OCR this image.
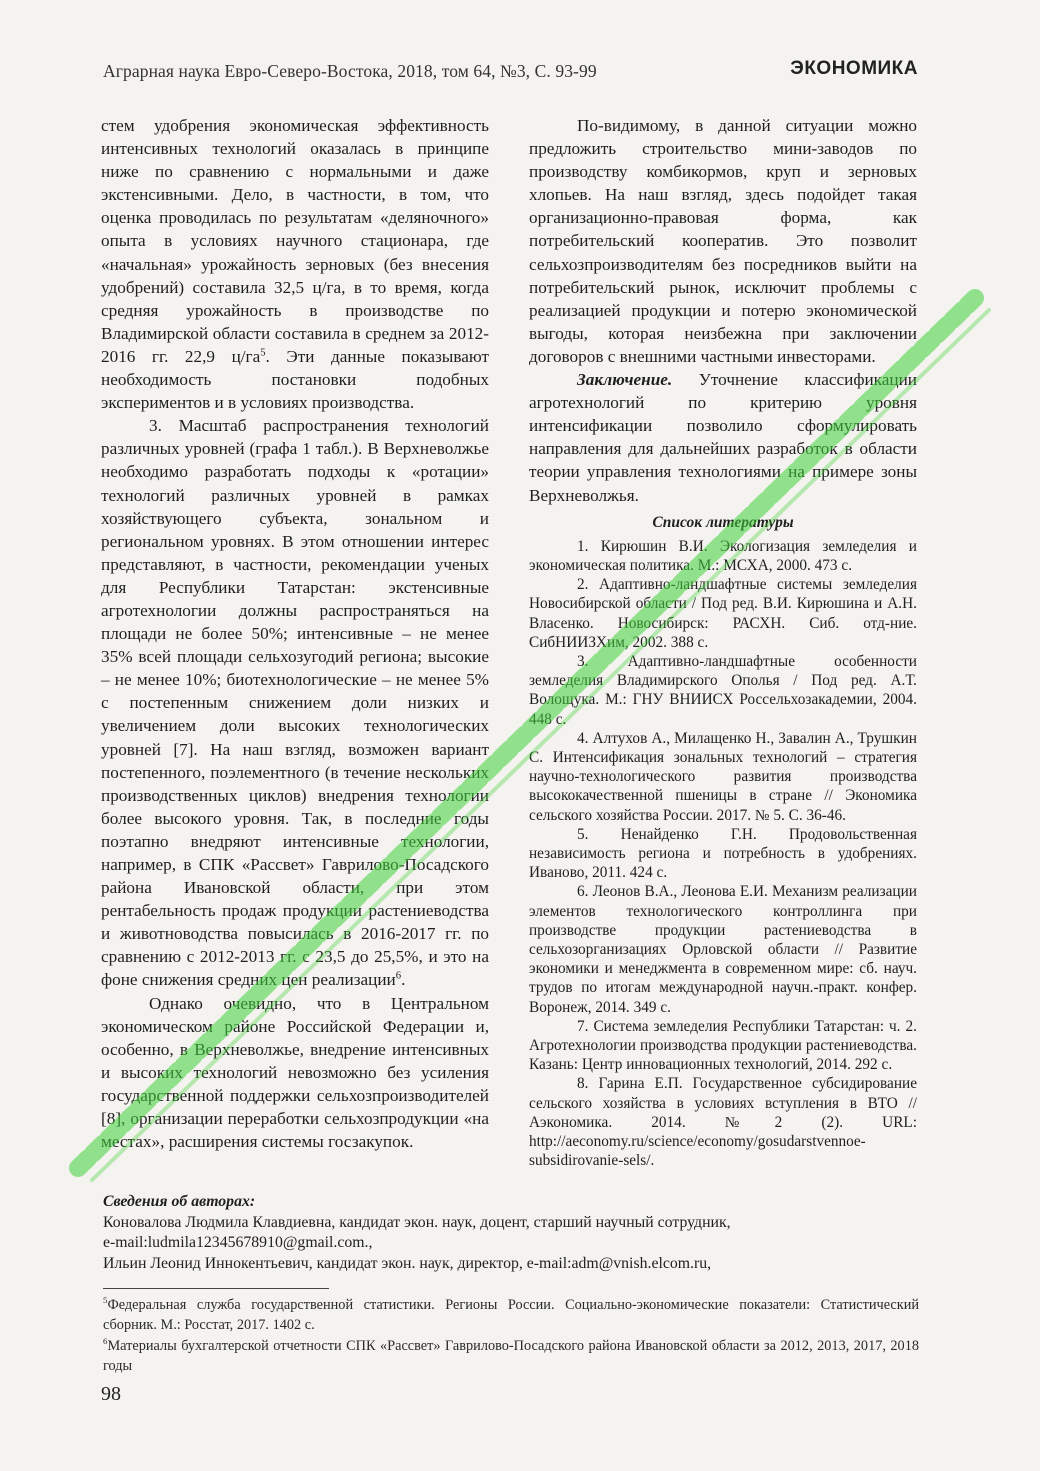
Аграрная наука Евро-Северо-Востока, 2018, том 64, №3, С. 93-99	ЭКОНОМИКА

стем удобрения экономическая эффективность интенсивных технологий оказалась в принципе ниже по сравнению с нормальными и даже экстенсивными. Дело, в частности, в том, что оценка проводилась по результатам «деляночного» опыта в условиях научного стационара, где «начальная» урожайность зерновых (без внесения удобрений) составила 32,5 ц/га, в то время, когда средняя урожайность в производстве по Владимирской области составила в среднем за 2012-2016 гг. 22,9 $ц/га^5$. Эти данные показывают необходимость постановки подобных экспериментов и в условиях производства.

3. Масштаб распространения технологий различных уровней (графа 1 табл.). В Верхневолжье необходимо разработать подходы к «ротации» технологий различных уровней в рамках хозяйствующего субъекта, зональном и региональном уровнях. В этом отношении интерес представляют, в частности, рекомендации ученых для Республики Татарстан: экстенсивные агротехнологии должны распространяться на площади не более 50%; интенсивные – не менее 35% всей площади сельхозугодий региона; высокие – не менее 10%; биотехнологические – не менее 5% с постепенным снижением доли низких и увеличением доли высоких технологических уровней [7]. На наш взгляд, возможен вариант постепенного, поэлементного (в течение нескольких производственных циклов) внедрения технологии более высокого уровня. Так, в последние годы поэтапно внедряют интенсивные технологии, например, в СПК «Рассвет» Гаврилово-Посадского района Ивановской области, при этом рентабельность продаж продукции растениеводства и животноводства повысилась в 2016-2017 гг. по сравнению с 2012-2013 гг. с 23,5 до 25,5%, и это на фоне снижения средних цен реализации$^6$.

Однако очевидно, что в Центральном экономическом районе Российской Федерации и, особенно, в Верхневолжье, внедрение интенсивных и высоких технологий невозможно без усиления государственной поддержки сельхозпроизводителей [8], организации переработки сельхозпродукции «на местах», расширения системы госзакупок.

По-видимому, в данной ситуации можно предложить строительство мини-заводов по производству комбикормов, круп и зерновых хлопьев. На наш взгляд, здесь подойдет такая организационно-правовая форма, как потребительский кооператив. Это позволит сельхозпроизводителям без посредников выйти на потребительский рынок, исключит проблемы с реализацией продукции и потерю экономической выгоды, которая неизбежна при заключении договоров с внешними частными инвесторами.

Заключение. Уточнение классификации агротехнологий по критерию уровня интенсификации позволило сформулировать направления для дальнейших разработок в области теории управления технологиями на примере зоны Верхневолжья.

Список литературы

1. Кирюшин В.И. Экологизация земледелия и экономическая политика. М.: МСХА, 2000. 473 с.

2. Адаптивно-ландшафтные системы земледелия Новосибирской области / Под ред. В.И. Кирюшина и А.Н. Власенко. Новосибирск: РАСХН. Сиб. отд-ние. СибНИИЗХим, 2002. 388 с.

3. Адаптивно-ландшафтные особенности земледелия Владимирского Ополья / Под ред. А.Т. Волощука. М.: ГНУ ВНИИСХ Россельхозакадемии, 2004. 448 с.

4. Алтухов А., Милащенко Н., Завалин А., Трушкин С. Интенсификация зональных технологий – стратегия научно-технологического развития производства высококачественной пшеницы в стране // Экономика сельского хозяйства России. 2017. № 5. С. 36-46.

5. Ненайденко Г.Н. Продовольственная независимость региона и потребность в удобрениях. Иваново, 2011. 424 с.

6. Леонов В.А., Леонова Е.И. Механизм реализации элементов технологического контроллинга при производстве продукции растениеводства в сельхозорганизациях Орловской области // Развитие экономики и менеджмента в современном мире: сб. науч. трудов по итогам международной научн.-практ. конфер. Воронеж, 2014. 349 с.

7. Система земледелия Республики Татарстан: ч. 2. Агротехнологии производства продукции растениеводства. Казань: Центр инновационных технологий, 2014. 292 с.

8. Гарина Е.П. Государственное субсидирование сельского хозяйства в условиях вступления в ВТО // Аэкономика. 2014. №2 (2). URL: http://aeconomy.ru/science/economy/gosudarstvennoe-subsidirovanie-sels/.

Сведения об авторах:

Коновалова Людмила Клавдиевна, кандидат экон. наук, доцент, старший научный сотрудник,

e-mail:ludmila12345678910@gmail.com.,

Ильин Леонид Иннокентьевич, кандидат экон. наук, директор, e-mail:adm@vnish.elcom.ru,

$^5$Федеральная служба государственной статистики. Регионы России. Социально-экономические показатели: Статистический сборник. М.: Росстат, 2017. 1402 с.

$^6$Материалы бухгалтерской отчетности СПК «Рассвет» Гаврилово-Посадского района Ивановской области за 2012, 2013, 2017, 2018 годы

98
